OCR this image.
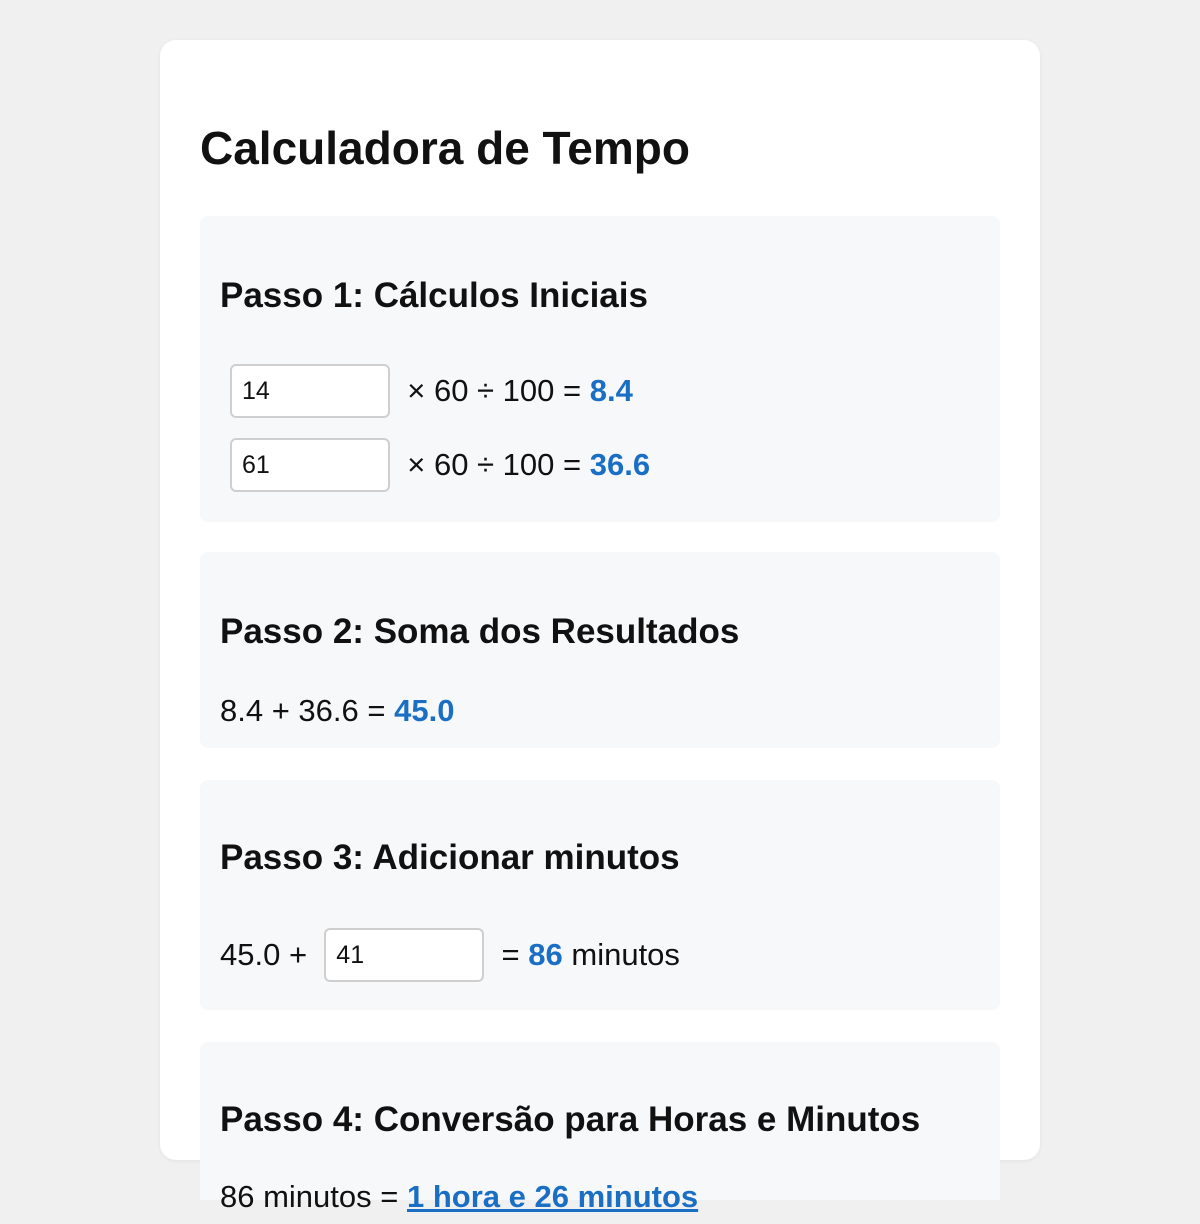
Calculadora de Tempo
Passo 1: Cálculos Iniciais
14

× 60 ÷ 100 =
8.4
61

× 60 ÷ 100 =
36.6
Passo 2: Soma dos Resultados
8.4 + 36.6 =
45.0
Passo 3: Adicionar minutos
45.0 +

41
	=
86
minutos
Passo 4: Conversão para Horas e Minutos
86 minutos =
1 hora e 26 minutos
